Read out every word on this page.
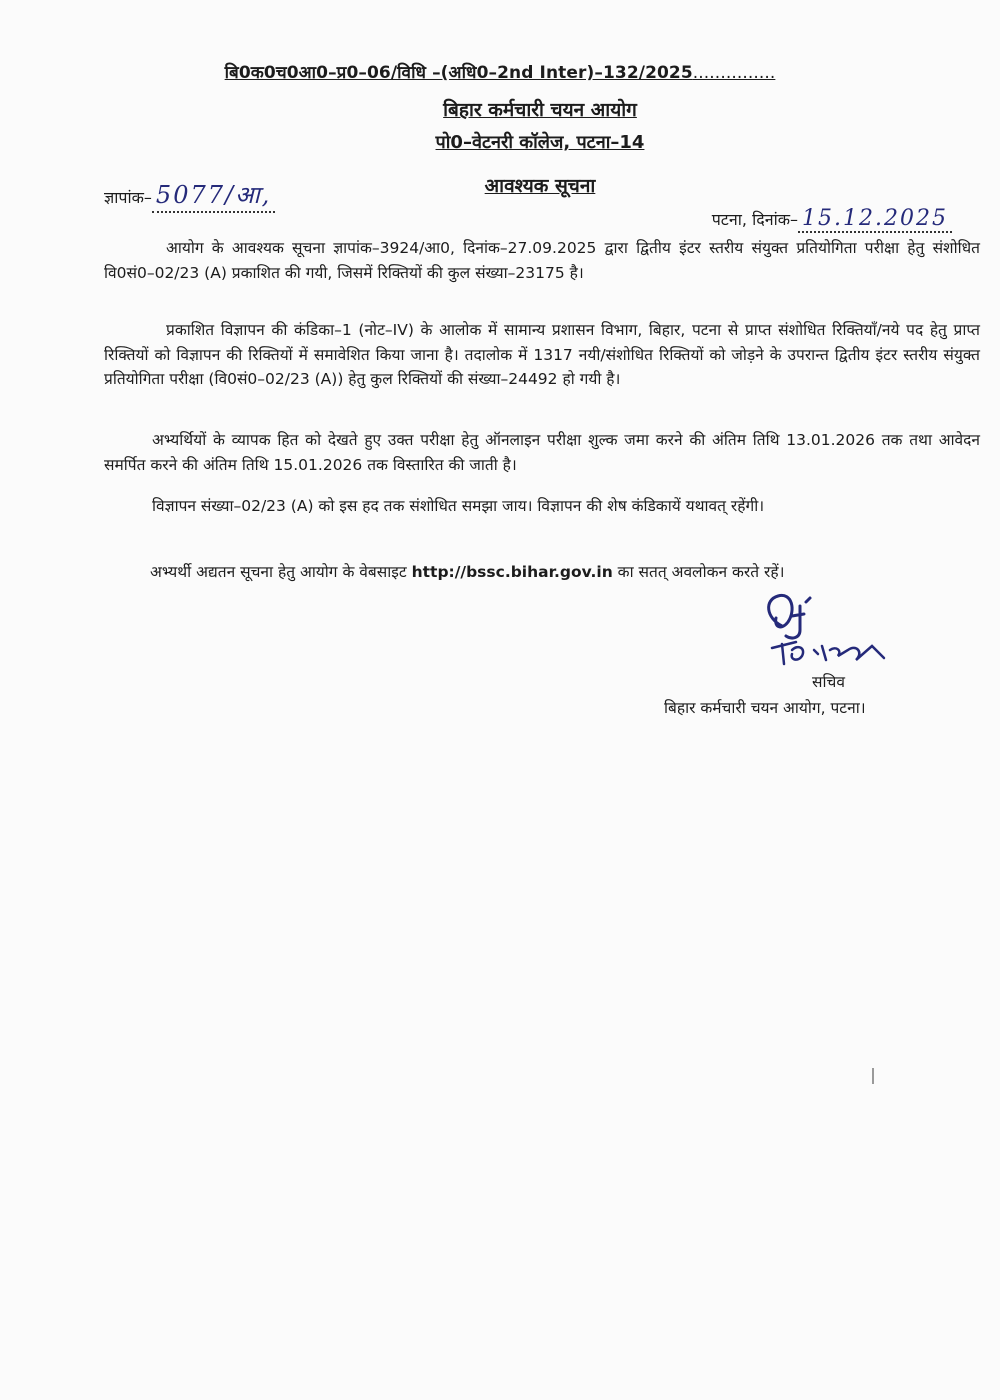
बि0क0च0आ0–प्र0–06/विधि –(अधि0–2nd Inter)–132/2025...............
बिहार कर्मचारी चयन आयोग
पो0–वेटनरी कॉलेज, पटना–14
आवश्यक सूचना
ज्ञापांक– 5077/आ,
पटना, दिनांक– 15.12.2025
आयोग के आवश्यक सूचना ज्ञापांक–3924/आ0, दिनांक–27.09.2025 द्वारा द्वितीय इंटर स्तरीय संयुक्त प्रतियोगिता परीक्षा हेतु संशोधित वि0सं0–02/23 (A) प्रकाशित की गयी, जिसमें रिक्तियों की कुल संख्या–23175 है।
प्रकाशित विज्ञापन की कंडिका–1 (नोट–IV) के आलोक में सामान्य प्रशासन विभाग, बिहार, पटना से प्राप्त संशोधित रिक्तियाँ/नये पद हेतु प्राप्त रिक्तियों को विज्ञापन की रिक्तियों में समावेशित किया जाना है। तदालोक में 1317 नयी/संशोधित रिक्तियों को जोड़ने के उपरान्त द्वितीय इंटर स्तरीय संयुक्त प्रतियोगिता परीक्षा (वि0सं0–02/23 (A)) हेतु कुल रिक्तियों की संख्या–24492 हो गयी है।
अभ्यर्थियों के व्यापक हित को देखते हुए उक्त परीक्षा हेतु ऑनलाइन परीक्षा शुल्क जमा करने की अंतिम तिथि 13.01.2026 तक तथा आवेदन समर्पित करने की अंतिम तिथि 15.01.2026 तक विस्तारित की जाती है।
विज्ञापन संख्या–02/23 (A) को इस हद तक संशोधित समझा जाय। विज्ञापन की शेष कंडिकायें यथावत् रहेंगी।
अभ्यर्थी अद्यतन सूचना हेतु आयोग के वेबसाइट http://bssc.bihar.gov.in का सतत् अवलोकन करते रहें।
सचिव
बिहार कर्मचारी चयन आयोग, पटना।
